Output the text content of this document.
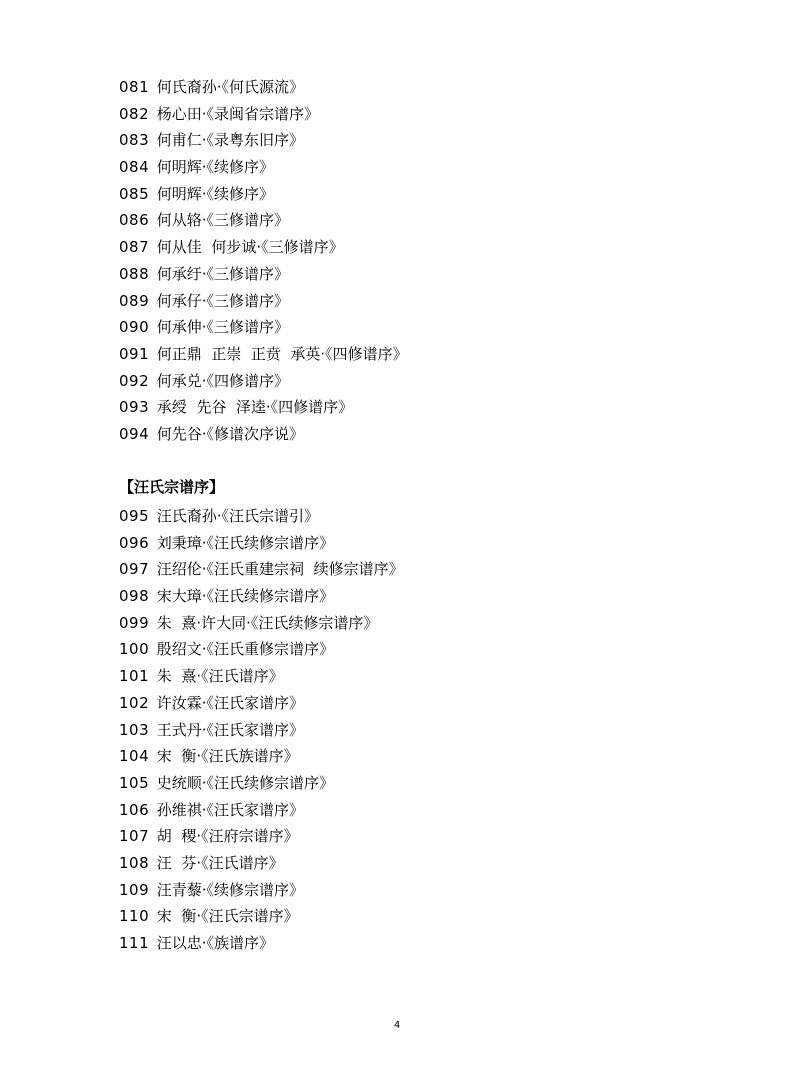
081 何氏裔孙·《何氏源流》
082 杨心田·《录闽省宗谱序》
083 何甫仁·《录粤东旧序》
084 何明辉·《续修序》
085 何明辉·《续修序》
086 何从辂·《三修谱序》
087 何从佳  何步诚·《三修谱序》
088 何承纡·《三修谱序》
089 何承仔·《三修谱序》
090 何承伸·《三修谱序》
091 何正鼎  正崇  正贲  承英·《四修谱序》
092 何承兑·《四修谱序》
093 承绶  先谷  泽逵·《四修谱序》
094 何先谷·《修谱次序说》
【汪氏宗谱序】
095 汪氏裔孙·《汪氏宗谱引》
096 刘秉璋·《汪氏续修宗谱序》
097 汪绍伦·《汪氏重建宗祠  续修宗谱序》
098 宋大璋·《汪氏续修宗谱序》
099 朱  熹·许大同·《汪氏续修宗谱序》
100 殷绍文·《汪氏重修宗谱序》
101 朱  熹·《汪氏谱序》
102 许汝霖·《汪氏家谱序》
103 王式丹·《汪氏家谱序》
104 宋  衡·《汪氏族谱序》
105 史统顺·《汪氏续修宗谱序》
106 孙维祺·《汪氏家谱序》
107 胡  稷·《汪府宗谱序》
108 汪  芬·《汪氏谱序》
109 汪青藜·《续修宗谱序》
110 宋  衡·《汪氏宗谱序》
111 汪以忠·《族谱序》
4
